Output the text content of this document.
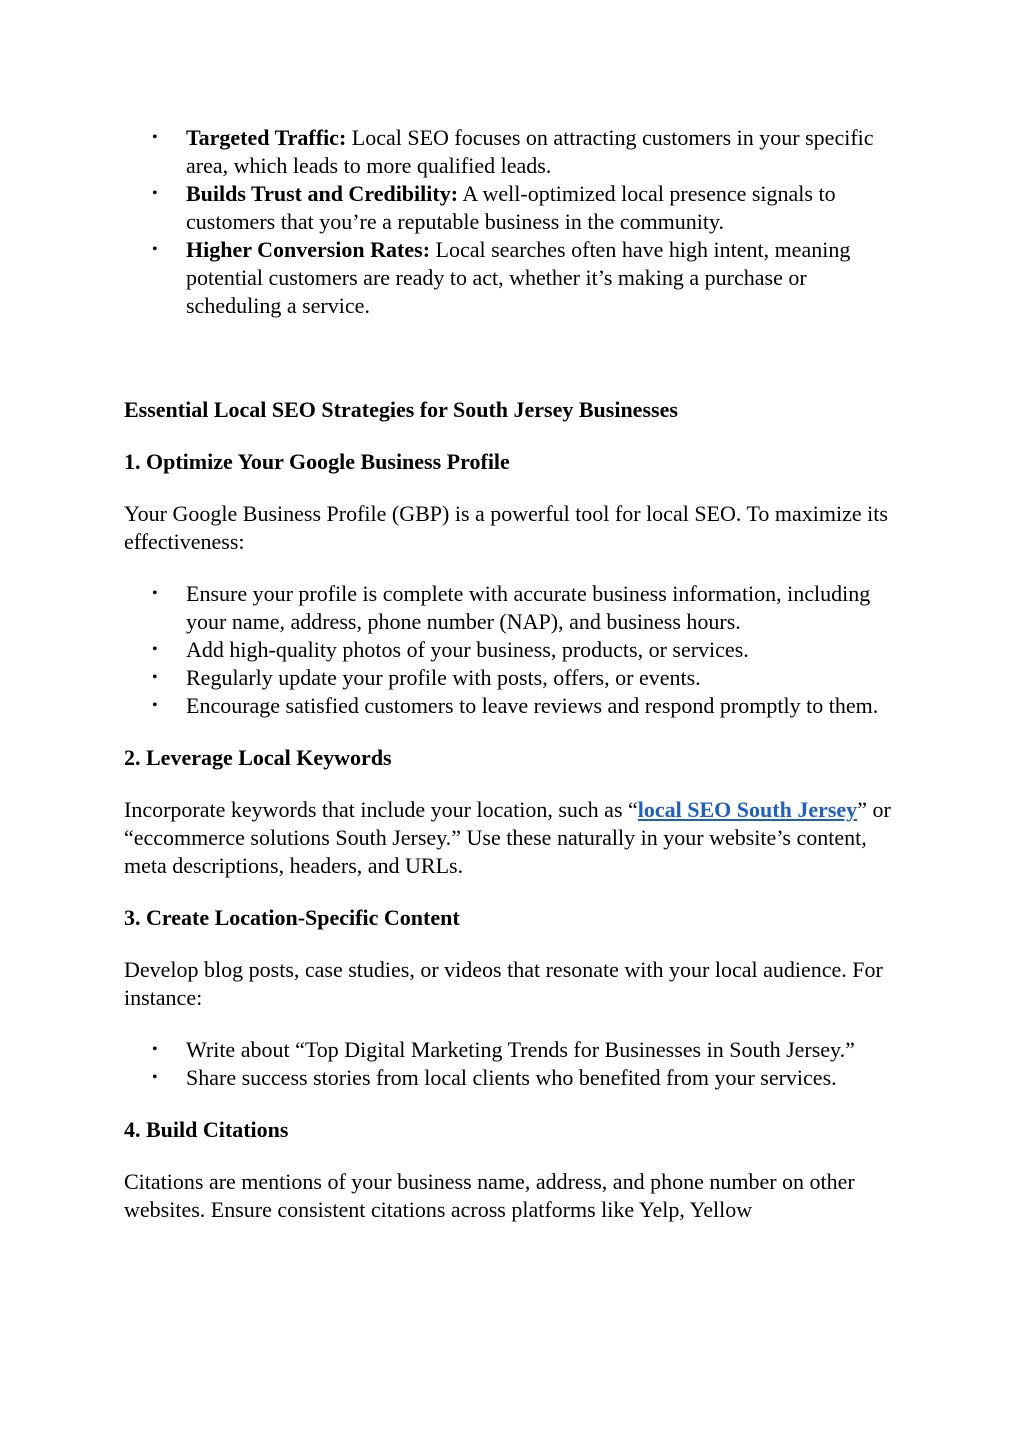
• Targeted Traffic: Local SEO focuses on attracting customers in your specific area, which leads to more qualified leads.
• Builds Trust and Credibility: A well-optimized local presence signals to customers that you’re a reputable business in the community.
• Higher Conversion Rates: Local searches often have high intent, meaning potential customers are ready to act, whether it’s making a purchase or scheduling a service.
Essential Local SEO Strategies for South Jersey Businesses
1. Optimize Your Google Business Profile

Your Google Business Profile (GBP) is a powerful tool for local SEO. To maximize its effectiveness:

• Ensure your profile is complete with accurate business information, including your name, address, phone number (NAP), and business hours.
• Add high-quality photos of your business, products, or services.
• Regularly update your profile with posts, offers, or events.
• Encourage satisfied customers to leave reviews and respond promptly to them.
2. Leverage Local Keywords

Incorporate keywords that include your location, such as “local SEO South Jersey” or “eccommerce solutions South Jersey.” Use these naturally in your website’s content, meta descriptions, headers, and URLs.

3. Create Location-Specific Content

Develop blog posts, case studies, or videos that resonate with your local audience. For instance:

• Write about “Top Digital Marketing Trends for Businesses in South Jersey.”
• Share success stories from local clients who benefited from your services.
4. Build Citations

Citations are mentions of your business name, address, and phone number on other websites. Ensure consistent citations across platforms like Yelp, Yellow
